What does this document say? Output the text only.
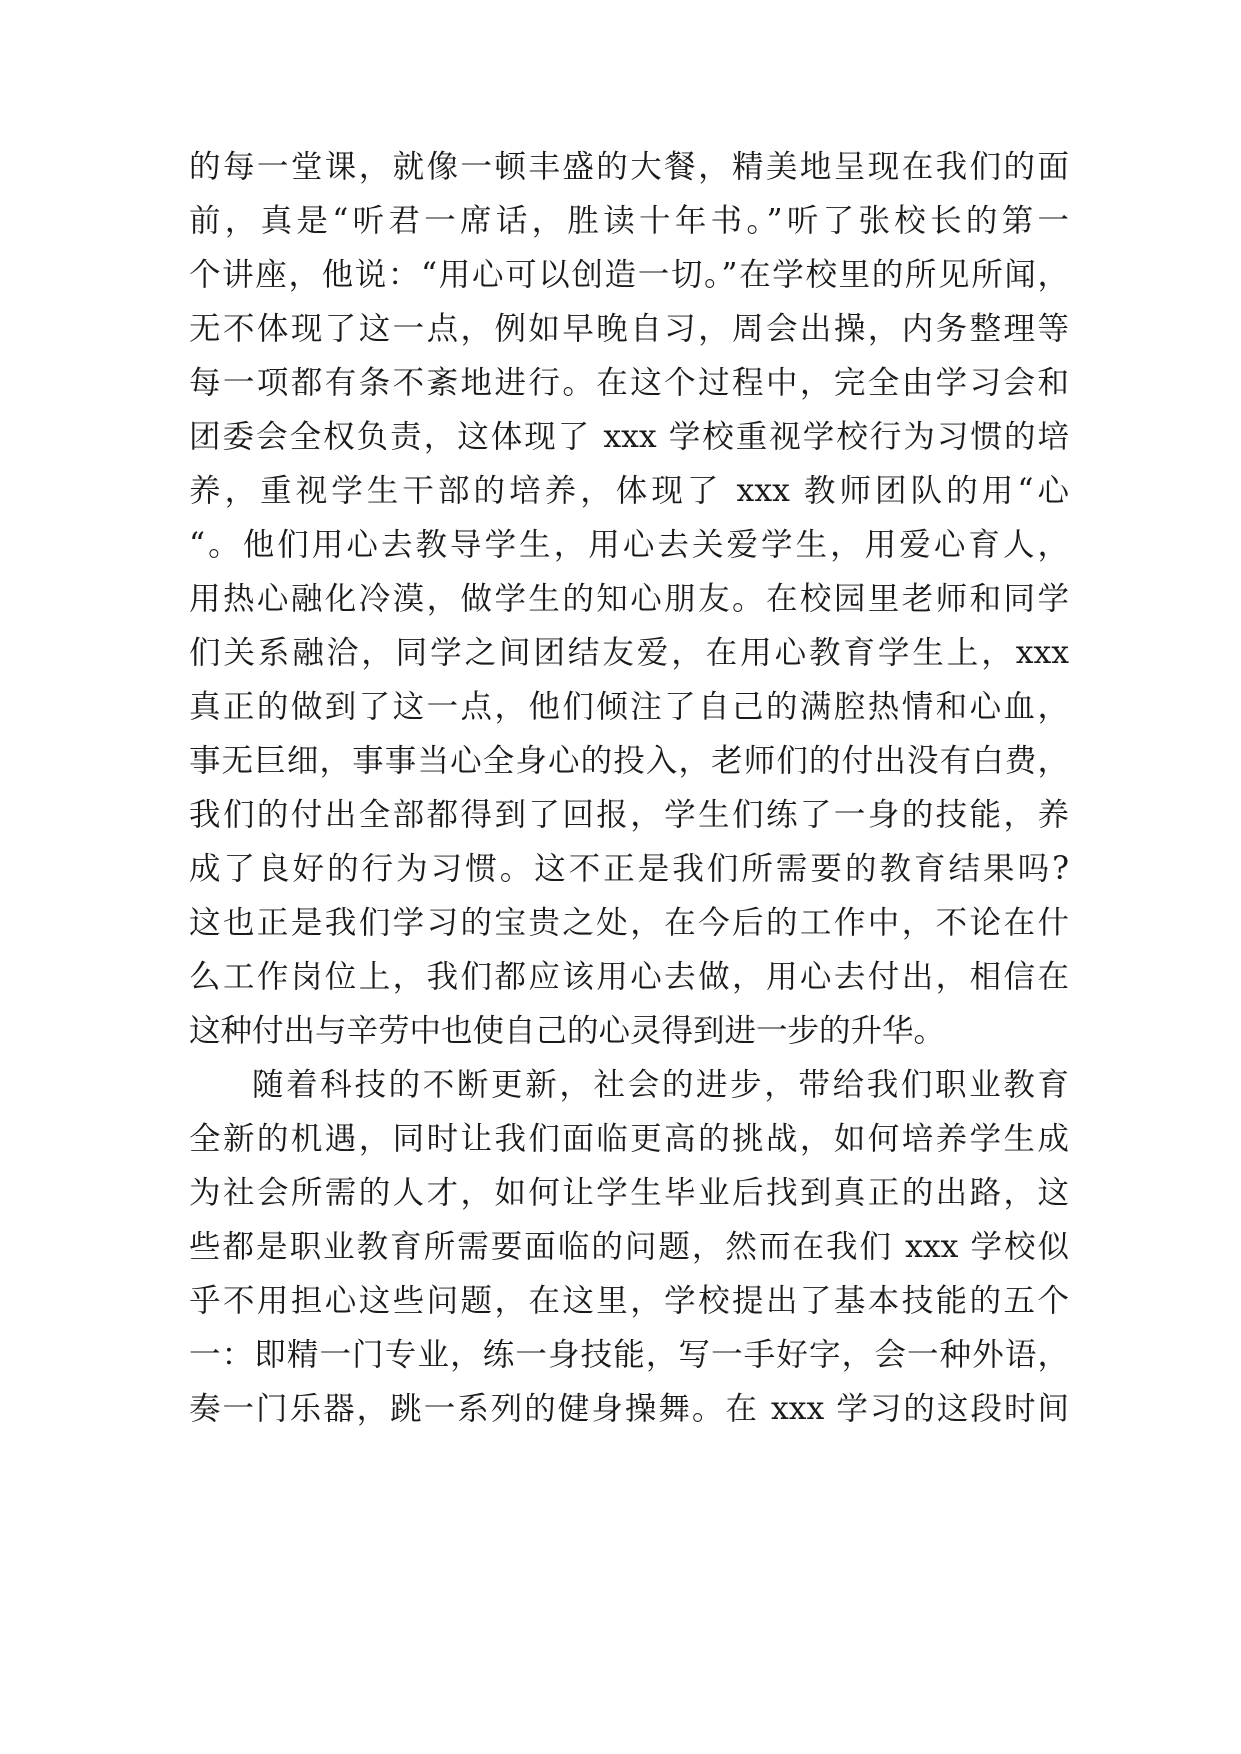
的每一堂课，就像一顿丰盛的大餐，精美地呈现在我们的面
前，真是“听君一席话，胜读十年书。”听了张校长的第一
个讲座，他说：“用心可以创造一切。”在学校里的所见所闻，
无不体现了这一点，例如早晚自习，周会出操，内务整理等
每一项都有条不紊地进行。在这个过程中，完全由学习会和
团委会全权负责，这体现了 xxx 学校重视学校行为习惯的培
养，重视学生干部的培养，体现了 xxx 教师团队的用“心
“。他们用心去教导学生，用心去关爱学生，用爱心育人，
用热心融化冷漠，做学生的知心朋友。在校园里老师和同学
们关系融洽，同学之间团结友爱，在用心教育学生上，xxx
真正的做到了这一点，他们倾注了自己的满腔热情和心血，
事无巨细，事事当心全身心的投入，老师们的付出没有白费，
我们的付出全部都得到了回报，学生们练了一身的技能，养
成了良好的行为习惯。这不正是我们所需要的教育结果吗?
这也正是我们学习的宝贵之处，在今后的工作中，不论在什
么工作岗位上，我们都应该用心去做，用心去付出，相信在
这种付出与辛劳中也使自己的心灵得到进一步的升华。
随着科技的不断更新，社会的进步，带给我们职业教育
全新的机遇，同时让我们面临更高的挑战，如何培养学生成
为社会所需的人才，如何让学生毕业后找到真正的出路，这
些都是职业教育所需要面临的问题，然而在我们 xxx 学校似
乎不用担心这些问题，在这里，学校提出了基本技能的五个
一：即精一门专业，练一身技能，写一手好字，会一种外语，
奏一门乐器，跳一系列的健身操舞。在 xxx 学习的这段时间
